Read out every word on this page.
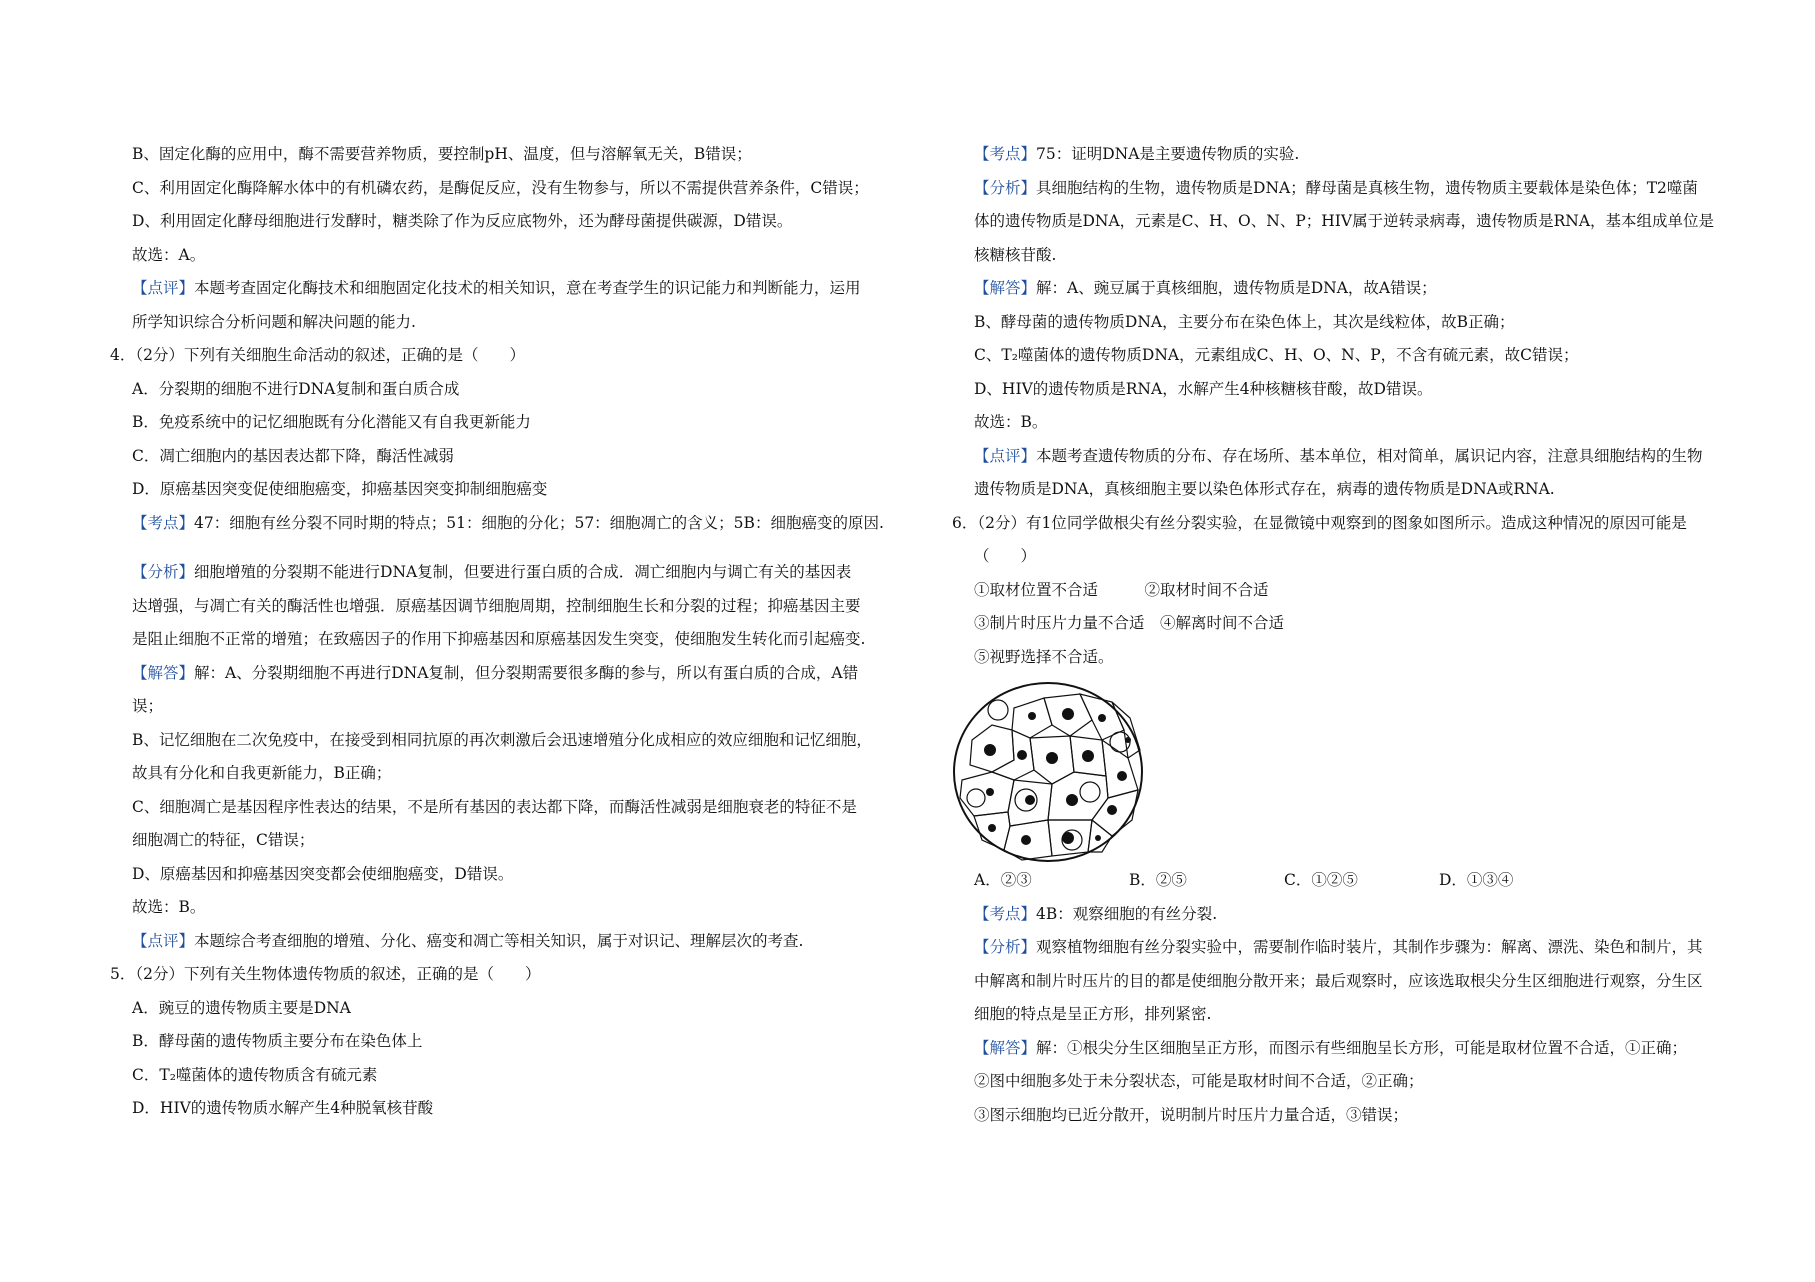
B、固定化酶的应用中，酶不需要营养物质，要控制pH、温度，但与溶解氧无关，B错误；
C、利用固定化酶降解水体中的有机磷农药，是酶促反应，没有生物参与，所以不需提供营养条件，C错误；
D、利用固定化酵母细胞进行发酵时，糖类除了作为反应底物外，还为酵母菌提供碳源，D错误。
故选：A。
【点评】本题考查固定化酶技术和细胞固定化技术的相关知识，意在考查学生的识记能力和判断能力，运用
所学知识综合分析问题和解决问题的能力.
4．（2分）下列有关细胞生命活动的叙述，正确的是（　　）
A．分裂期的细胞不进行DNA复制和蛋白质合成
B．免疫系统中的记忆细胞既有分化潜能又有自我更新能力
C．凋亡细胞内的基因表达都下降，酶活性减弱
D．原癌基因突变促使细胞癌变，抑癌基因突变抑制细胞癌变
【考点】47：细胞有丝分裂不同时期的特点；51：细胞的分化；57：细胞凋亡的含义；5B：细胞癌变的原因.
【分析】细胞增殖的分裂期不能进行DNA复制，但要进行蛋白质的合成．凋亡细胞内与调亡有关的基因表
达增强，与凋亡有关的酶活性也增强．原癌基因调节细胞周期，控制细胞生长和分裂的过程；抑癌基因主要
是阻止细胞不正常的增殖；在致癌因子的作用下抑癌基因和原癌基因发生突变，使细胞发生转化而引起癌变.
【解答】解：A、分裂期细胞不再进行DNA复制，但分裂期需要很多酶的参与，所以有蛋白质的合成，A错
误；
B、记忆细胞在二次免疫中，在接受到相同抗原的再次刺激后会迅速增殖分化成相应的效应细胞和记忆细胞，
故具有分化和自我更新能力，B正确；
C、细胞凋亡是基因程序性表达的结果，不是所有基因的表达都下降，而酶活性减弱是细胞衰老的特征不是
细胞凋亡的特征，C错误；
D、原癌基因和抑癌基因突变都会使细胞癌变，D错误。
故选：B。
【点评】本题综合考查细胞的增殖、分化、癌变和凋亡等相关知识，属于对识记、理解层次的考查.
5．（2分）下列有关生物体遗传物质的叙述，正确的是（　　）
A．豌豆的遗传物质主要是DNA
B．酵母菌的遗传物质主要分布在染色体上
C．T₂噬菌体的遗传物质含有硫元素
D．HIV的遗传物质水解产生4种脱氧核苷酸
【考点】75：证明DNA是主要遗传物质的实验.
【分析】具细胞结构的生物，遗传物质是DNA；酵母菌是真核生物，遗传物质主要载体是染色体；T2噬菌
体的遗传物质是DNA，元素是C、H、O、N、P；HIV属于逆转录病毒，遗传物质是RNA，基本组成单位是
核糖核苷酸.
【解答】解：A、豌豆属于真核细胞，遗传物质是DNA，故A错误；
B、酵母菌的遗传物质DNA，主要分布在染色体上，其次是线粒体，故B正确；
C、T₂噬菌体的遗传物质DNA，元素组成C、H、O、N、P，不含有硫元素，故C错误；
D、HIV的遗传物质是RNA，水解产生4种核糖核苷酸，故D错误。
故选：B。
【点评】本题考查遗传物质的分布、存在场所、基本单位，相对简单，属识记内容，注意具细胞结构的生物
遗传物质是DNA，真核细胞主要以染色体形式存在，病毒的遗传物质是DNA或RNA.
6．（2分）有1位同学做根尖有丝分裂实验，在显微镜中观察到的图象如图所示。造成这种情况的原因可能是
（　　）
①取材位置不合适　　　②取材时间不合适
③制片时压片力量不合适　④解离时间不合适
⑤视野选择不合适。
A．②③	B．②⑤	C．①②⑤	D．①③④
【考点】4B：观察细胞的有丝分裂.
【分析】观察植物细胞有丝分裂实验中，需要制作临时装片，其制作步骤为：解离、漂洗、染色和制片，其
中解离和制片时压片的目的都是使细胞分散开来；最后观察时，应该选取根尖分生区细胞进行观察，分生区
细胞的特点是呈正方形，排列紧密.
【解答】解：①根尖分生区细胞呈正方形，而图示有些细胞呈长方形，可能是取材位置不合适，①正确；
②图中细胞多处于未分裂状态，可能是取材时间不合适，②正确；
③图示细胞均已近分散开，说明制片时压片力量合适，③错误；
